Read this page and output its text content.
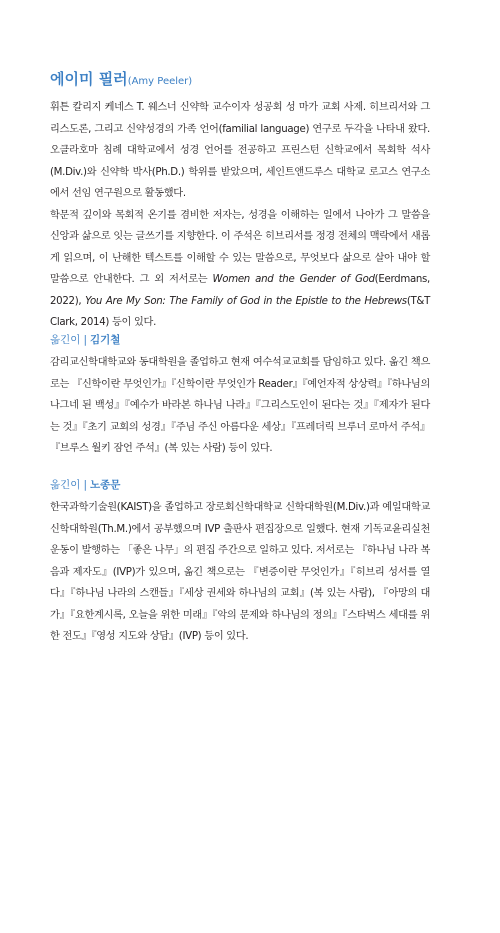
에이미 필러(Amy Peeler)

휘튼 칼리지 케네스 T. 웨스너 신약학 교수이자 성공회 성 마가 교회 사제. 히브리서와 그리스도론, 그리고 신약성경의 가족 언어(familial language) 연구로 두각을 나타내 왔다. 오클라호마 침례 대학교에서 성경 언어를 전공하고 프린스턴 신학교에서 목회학 석사(M.Div.)와 신약학 박사(Ph.D.) 학위를 받았으며, 세인트앤드루스 대학교 로고스 연구소에서 선임 연구원으로 활동했다.

학문적 깊이와 목회적 온기를 겸비한 저자는, 성경을 이해하는 일에서 나아가 그 말씀을 신앙과 삶으로 잇는 글쓰기를 지향한다. 이 주석은 히브리서를 정경 전체의 맥락에서 새롭게 읽으며, 이 난해한 텍스트를 이해할 수 있는 말씀으로, 무엇보다 삶으로 살아 내야 할 말씀으로 안내한다. 그 외 저서로는 Women and the Gender of God(Eerdmans, 2022), You Are My Son: The Family of God in the Epistle to the Hebrews(T&T Clark, 2014) 등이 있다.

옮긴이 | 김기철

감리교신학대학교와 동대학원을 졸업하고 현재 여수석교교회를 담임하고 있다. 옮긴 책으로는 『신학이란 무엇인가』『신학이란 무엇인가 Reader』『예언자적 상상력』『하나님의 나그네 된 백성』『예수가 바라본 하나님 나라』『그리스도인이 된다는 것』『제자가 된다는 것』『초기 교회의 성경』『주님 주신 아름다운 세상』『프레더릭 브루너 로마서 주석』『브루스 월키 잠언 주석』(복 있는 사람) 등이 있다.

옮긴이 | 노종문

한국과학기술원(KAIST)을 졸업하고 장로회신학대학교 신학대학원(M.Div.)과 예일대학교 신학대학원(Th.M.)에서 공부했으며 IVP 출판사 편집장으로 일했다. 현재 기독교윤리실천운동이 발행하는 「좋은 나무」의 편집 주간으로 일하고 있다. 저서로는 『하나님 나라 복음과 제자도』(IVP)가 있으며, 옮긴 책으로는 『변증이란 무엇인가』『히브리 성서를 열다』『하나님 나라의 스캔들』『세상 권세와 하나님의 교회』(복 있는 사람), 『아망의 대가』『요한계시록, 오늘을 위한 미래』『악의 문제와 하나님의 정의』『스타벅스 세대를 위한 전도』『영성 지도와 상담』(IVP) 등이 있다.
